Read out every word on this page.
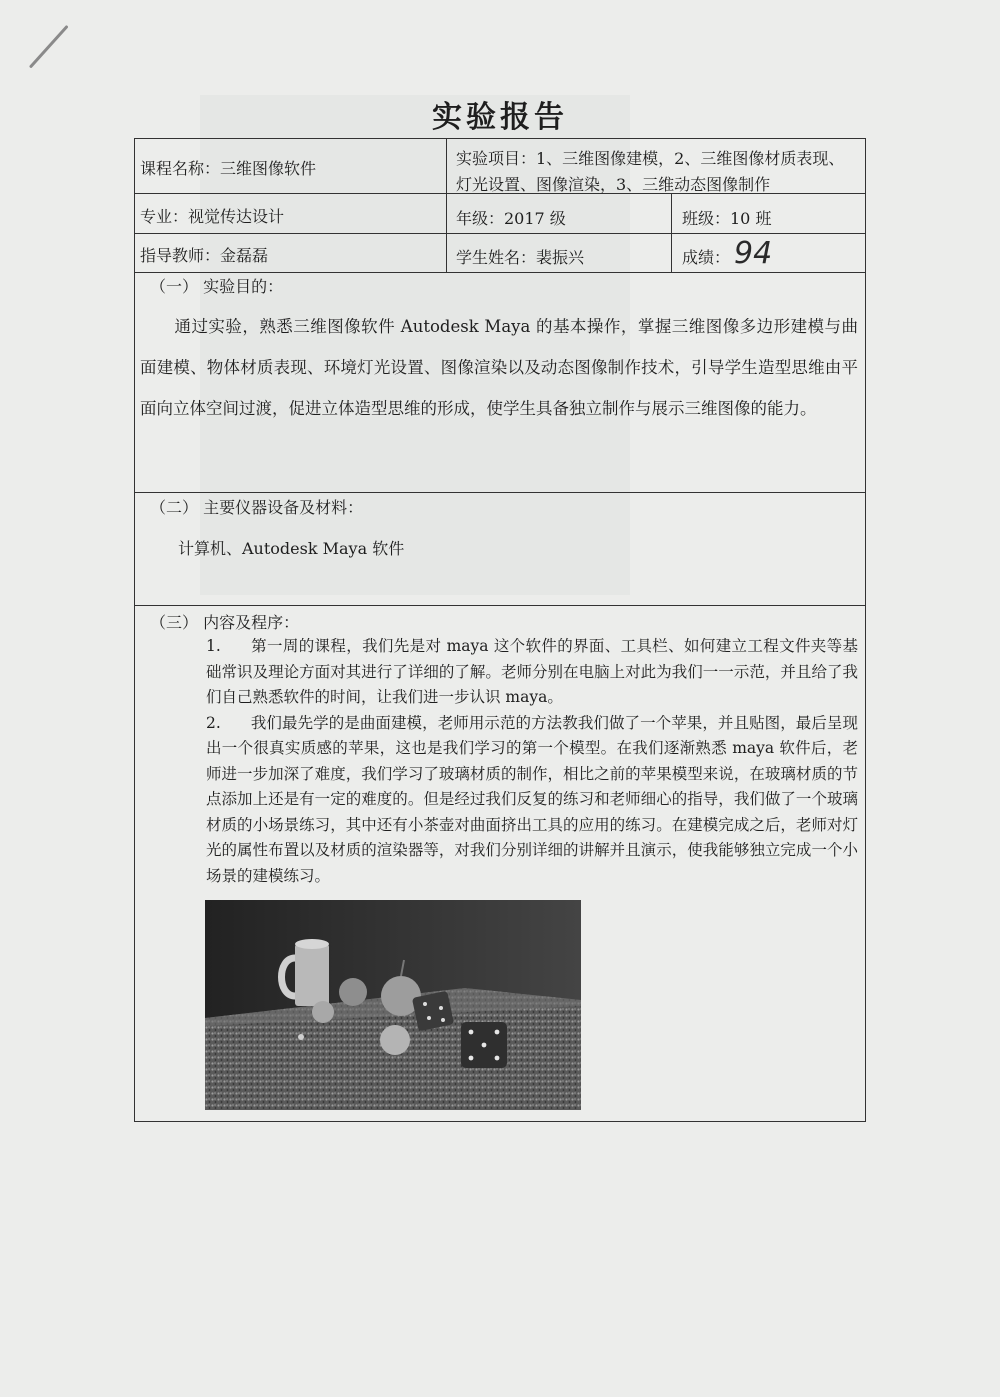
实验报告
课程名称：三维图像软件
实验项目：1、三维图像建模，2、三维图像材质表现、
灯光设置、图像渲染，3、三维动态图像制作
专业：视觉传达设计	年级：2017 级	班级：10 班
指导教师：金磊磊	学生姓名：裴振兴	成绩： 94
（一） 实验目的：
通过实验，熟悉三维图像软件 Autodesk Maya 的基本操作，掌握三维图像多边形建模与曲面建模、物体材质表现、环境灯光设置、图像渲染以及动态图像制作技术，引导学生造型思维由平面向立体空间过渡，促进立体造型思维的形成，使学生具备独立制作与展示三维图像的能力。
（二） 主要仪器设备及材料：
计算机、Autodesk Maya 软件
（三） 内容及程序：

1. 第一周的课程，我们先是对 maya 这个软件的界面、工具栏、如何建立工程文件夹等基础常识及理论方面对其进行了详细的了解。老师分别在电脑上对此为我们一一示范，并且给了我们自己熟悉软件的时间，让我们进一步认识 maya。

2. 我们最先学的是曲面建模，老师用示范的方法教我们做了一个苹果，并且贴图，最后呈现出一个很真实质感的苹果，这也是我们学习的第一个模型。在我们逐渐熟悉 maya 软件后，老师进一步加深了难度，我们学习了玻璃材质的制作，相比之前的苹果模型来说，在玻璃材质的节点添加上还是有一定的难度的。但是经过我们反复的练习和老师细心的指导，我们做了一个玻璃材质的小场景练习，其中还有小茶壶对曲面挤出工具的应用的练习。在建模完成之后，老师对灯光的属性布置以及材质的渲染器等，对我们分别详细的讲解并且演示，使我能够独立完成一个小场景的建模练习。
